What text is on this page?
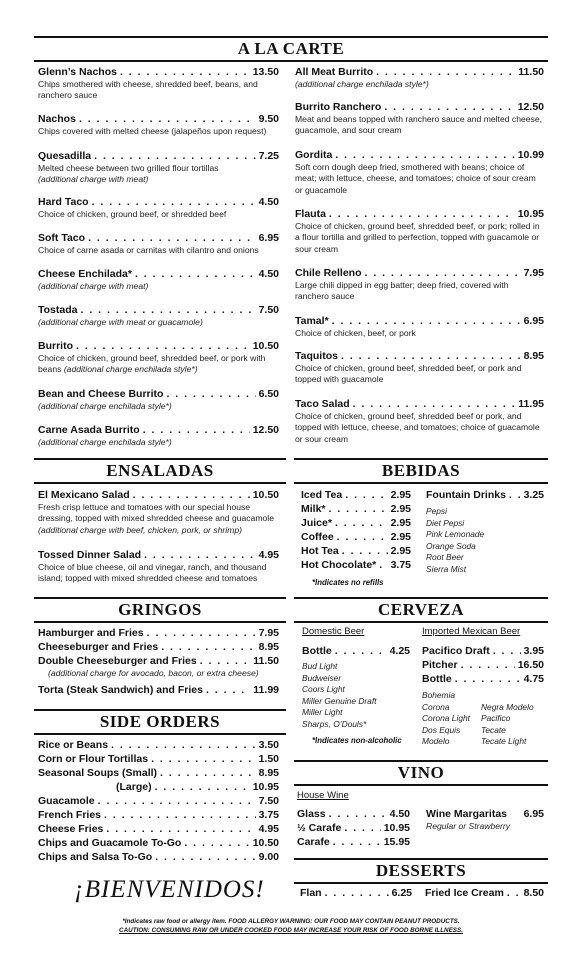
A LA CARTE
Glenn’s Nachos . . .	13.50
Chips smothered with cheese, shredded beef, beans, and ranchero sauce
Nachos . . .	9.50
Chips covered with melted cheese (jalapeños upon request)
Quesadilla . . .	7.25
Melted cheese between two grilled flour tortillas
(additional charge with meat)
Hard Taco . . .	4.50
Choice of chicken, ground beef, or shredded beef
Soft Taco . . .	6.95
Choice of carne asada or carnitas with cilantro and onions
Cheese Enchilada* . . .	4.50
(additional charge with meat)
Tostada . . .	7.50
(additional charge with meat or guacamole)
Burrito . . .	10.50
Choice of chicken, ground beef, shredded beef, or pork with beans (additional charge enchilada style*)
Bean and Cheese Burrito . . .	6.50
(additional charge enchilada style*)
Carne Asada Burrito . . .	12.50
(additional charge enchilada style*)
All Meat Burrito . . .	11.50
(additional charge enchilada style*)
Burrito Ranchero . . .	12.50
Meat and beans topped with ranchero sauce and melted cheese, guacamole, and sour cream
Gordita . . .	10.99
Soft corn dough deep fried, smothered with beans; choice of meat; with lettuce, cheese, and tomatoes; choice of sour cream or guacamole
Flauta . . .	10.95
Choice of chicken, ground beef, shredded beef, or pork; rolled in a flour tortilla and grilled to perfection, topped with guacamole or sour cream
Chile Relleno . . .	7.95
Large chili dipped in egg batter; deep fried, covered with ranchero sauce
Tamal* . . .	6.95
Choice of chicken, beef, or pork
Taquitos . . .	8.95
Choice of chicken, ground beef, shredded beef, or pork and topped with guacamole
Taco Salad . . .	11.95
Choice of chicken, ground beef, shredded beef or pork, and topped with lettuce, cheese, and tomatoes; choice of guacamole or sour cream
ENSALADAS
El Mexicano Salad . . .	10.50
Fresh crisp lettuce and tomatoes with our special house dressing, topped with mixed shredded cheese and guacamole
(additional charge with beef, chicken, pork, or shrimp)
Tossed Dinner Salad . . .	4.95
Choice of blue cheese, oil and vinegar, ranch, and thousand island; topped with mixed shredded cheese and tomatoes
BEBIDAS
Iced Tea . . .	2.95
Milk* . . .	2.95
Juice* . . .	2.95
Coffee . . .	2.95
Hot Tea . . .	2.95
Hot Chocolate* . . . 3.75
*Indicates no refills
Fountain Drinks . . . 3.25
Pepsi
Diet Pepsi
Pink Lemonade
Orange Soda
Root Beer
Sierra Mist
GRINGOS
Hamburger and Fries . . .	7.95
Cheeseburger and Fries . . .	8.95
Double Cheeseburger and Fries . . .	11.50
(additional charge for avocado, bacon, or extra cheese)
Torta (Steak Sandwich) and Fries . . .	11.99
CERVEZA
Domestic Beer	Imported Mexican Beer
Bottle . . .	4.25
Bud Light
Budweiser
Coors Light
Miller Genuine Draft
Miller Light
Sharps, O’Douls*
*Indicates non-alcoholic
Pacifico Draft . . .	3.95
Pitcher . . .	16.50
Bottle . . .	4.75
Bohemia
Corona
Corona Light
Dos Equis
Modelo
Negra Modelo
Pacifico
Tecate
Tecate Light
SIDE ORDERS
Rice or Beans . . .	3.50
Corn or Flour Tortillas . . .	1.50
Seasonal Soups (Small) . . .	8.95
(Large) . . .	10.95
Guacamole . . .	7.50
French Fries . . .	3.75
Cheese Fries . . .	4.95
Chips and Guacamole To-Go . . .	10.50
Chips and Salsa To-Go . . .	9.00
VINO
House Wine
Glass . . .	4.50
½ Carafe . . .	10.95
Carafe . . .	15.95
Wine Margaritas 6.95
Regular or Strawberry
DESSERTS
Flan . . .	6.25 Fried Ice Cream . . . 8.50
¡BIENVENIDOS!
*Indicates raw food or allergy item. FOOD ALLERGY WARNING: OUR FOOD MAY CONTAIN PEANUT PRODUCTS.
CAUTION: CONSUMING RAW OR UNDER COOKED FOOD MAY INCREASE YOUR RISK OF FOOD BORNE ILLNESS.
